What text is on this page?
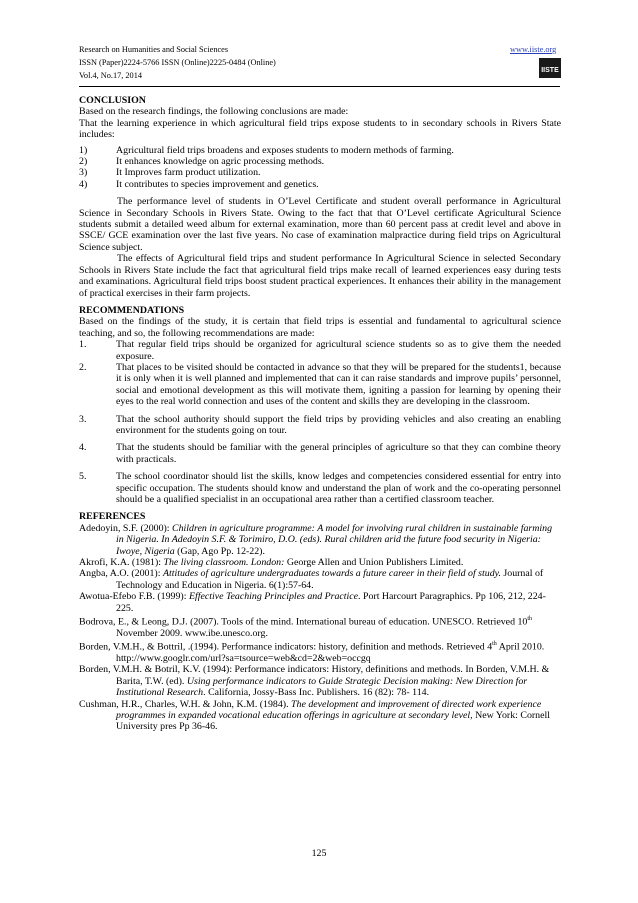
Research on Humanities and Social Sciences
ISSN (Paper)2224-5766 ISSN (Online)2225-0484 (Online)
Vol.4, No.17, 2014
www.iiste.org
IISTE

CONCLUSION

Based on the research findings, the following conclusions are made:

That the learning experience in which agricultural field trips expose students to in secondary schools in Rivers State includes:

1)	Agricultural field trips broadens and exposes students to modern methods of farming.
2)	It enhances knowledge on agric processing methods.
3)	It Improves farm product utilization.
4)	It contributes to species improvement and genetics.

The performance level of students in O’Level Certificate and student overall performance in Agricultural Science in Secondary Schools in Rivers State. Owing to the fact that that O’Level certificate Agricultural Science students submit a detailed weed album for external examination, more than 60 percent pass at credit level and above in SSCE/ GCE examination over the last five years. No case of examination malpractice during field trips on Agricultural Science subject.

The effects of Agricultural field trips and student performance In Agricultural Science in selected Secondary Schools in Rivers State include the fact that agricultural field trips make recall of learned experiences easy during tests and examinations. Agricultural field trips boost student practical experiences. It enhances their ability in the management of practical exercises in their farm projects.

RECOMMENDATIONS

Based on the findings of the study, it is certain that field trips is essential and fundamental to agricultural science teaching, and so, the following recommendations are made:

1.	That regular field trips should be organized for agricultural science students so as to give them the needed exposure.
2.	That places to be visited should be contacted in advance so that they will be prepared for the students1, because it is only when it is well planned and implemented that can it can raise standards and improve pupils’ personnel, social and emotional development as this will motivate them, igniting a passion for learning by opening their eyes to the real world connection and uses of the content and skills they are developing in the classroom.
3.	That the school authority should support the field trips by providing vehicles and also creating an enabling environment for the students going on tour.
4.	That the students should be familiar with the general principles of agriculture so that they can combine theory with practicals.
5.	The school coordinator should list the skills, know ledges and competencies considered essential for entry into specific occupation. The students should know and understand the plan of work and the co-operating personnel should be a qualified specialist in an occupational area rather than a certified classroom teacher.

REFERENCES

Adedoyin, S.F. (2000): Children in agriculture programme: A model for involving rural children in sustainable farming in Nigeria. In Adedoyin S.F. & Torimiro, D.O. (eds). Rural children arid the future food security in Nigeria: Iwoye, Nigeria (Gap, Ago Pp. 12-22).

Akrofi, K.A. (1981): The living classroom. London: George Allen and Union Publishers Limited.

Angba, A.O. (2001): Attitudes of agriculture undergraduates towards a future career in their field of study. Journal of Technology and Education in Nigeria. 6(1):57-64.

Awotua-Efebo F.B. (1999): Effective Teaching Principles and Practice. Port Harcourt Paragraphics. Pp 106, 212, 224-225.

Bodrova, E., & Leong, D.J. (2007). Tools of the mind. International bureau of education. UNESCO. Retrieved 10th November 2009. www.ibe.unesco.org.

Borden, V.M.H., & Bottril, .(1994). Performance indicators: history, definition and methods. Retrieved 4th April 2010. http://www.googlr.com/url?sa=tsource=web&cd=2&web=occgq

Borden, V.M.H. & Botril, K.V. (1994): Performance indicators: History, definitions and methods. In Borden, V.M.H. & Barita, T.W. (ed). Using performance indicators to Guide Strategic Decision making: New Direction for Institutional Research. California, Jossy-Bass Inc. Publishers. 16 (82): 78- 114.

Cushman, H.R., Charles, W.H. & John, K.M. (1984). The development and improvement of directed work experience programmes in expanded vocational education offerings in agriculture at secondary level, New York: Cornell University pres Pp 36-46.

125
